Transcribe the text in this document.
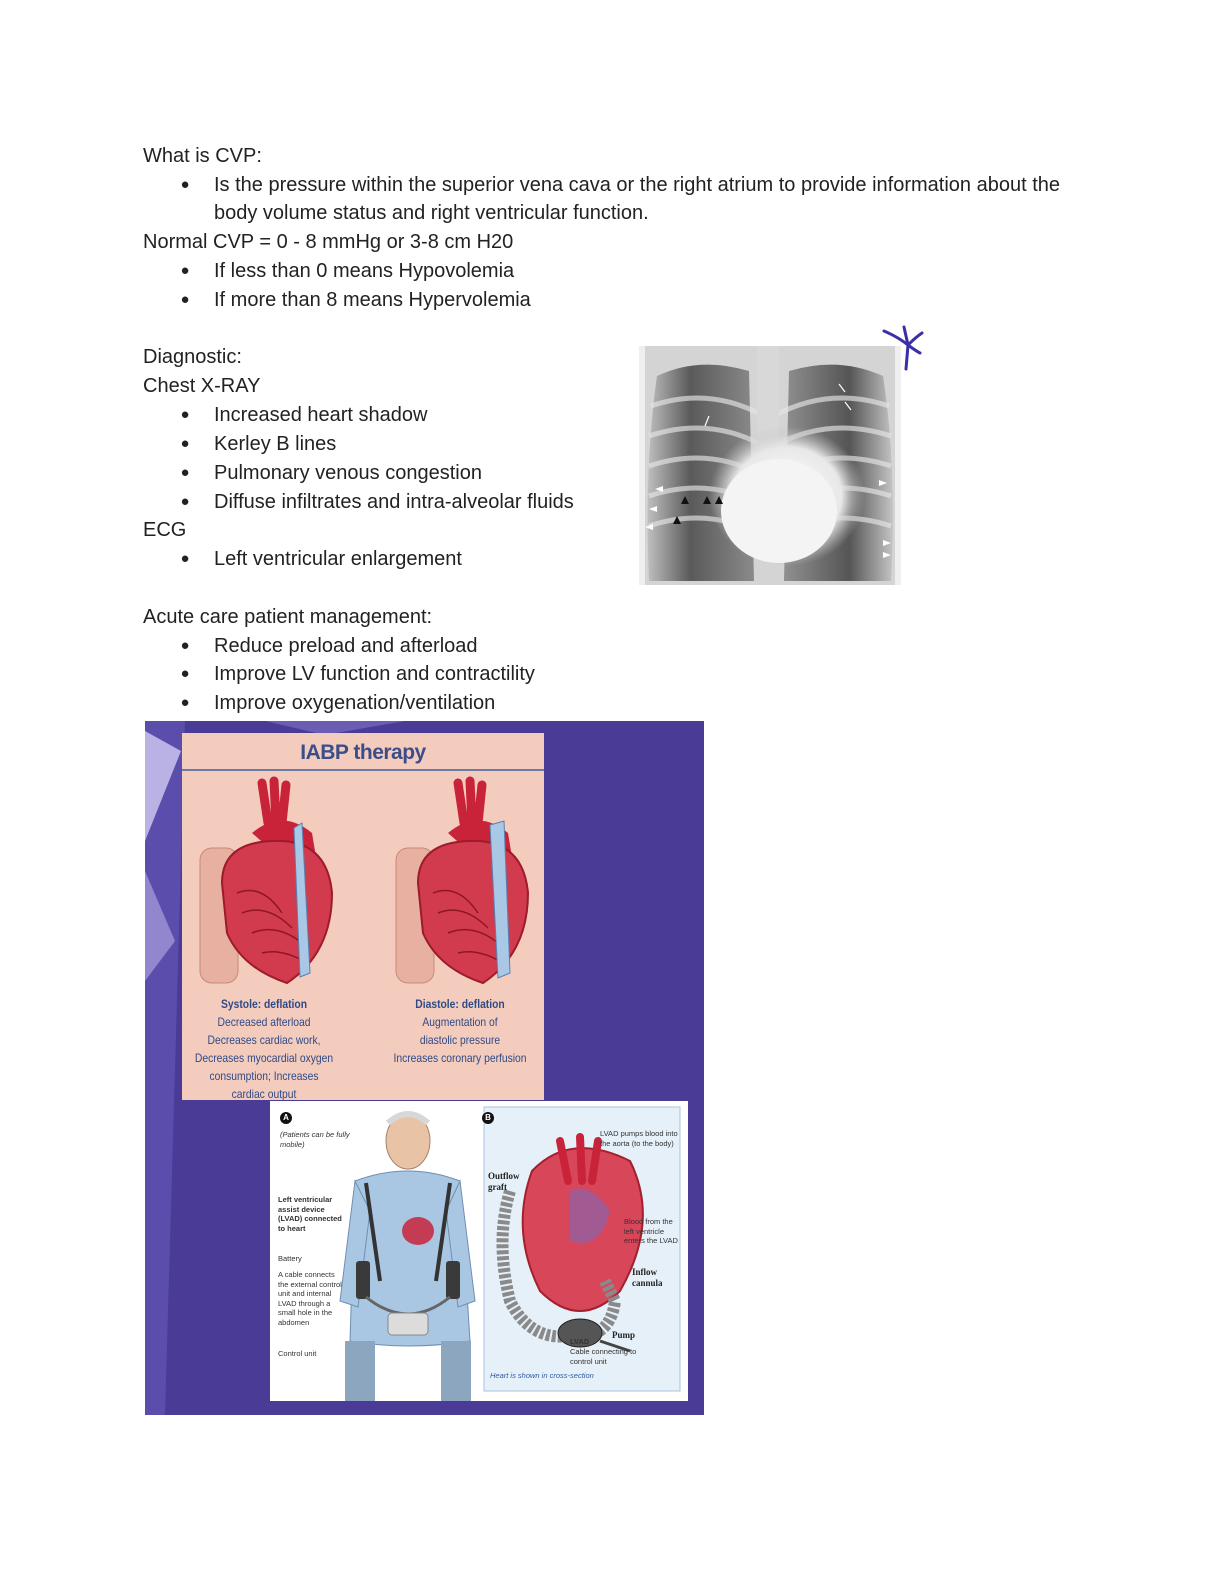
What is CVP:
● Is the pressure within the superior vena cava or the right atrium to provide information about the body volume status and right ventricular function.
Normal CVP = 0 - 8 mmHg or 3-8 cm H20
● If less than 0 means Hypovolemia
● If more than 8 means Hypervolemia
Diagnostic:
Chest X-RAY
● Increased heart shadow
● Kerley B lines
● Pulmonary venous congestion
● Diffuse infiltrates and intra-alveolar fluids
ECG
● Left ventricular enlargement
Acute care patient management:
● Reduce preload and afterload
● Improve LV function and contractility
● Improve oxygenation/ventilation
IABP therapy
Systole: deflation
Decreased afterload
Decreases cardiac work,
Decreases myocardial oxygen
consumption; Increases
cardiac output
Diastole: deflation
Augmentation of
diastolic pressure
Increases coronary perfusion
A	B
(Patients can be fully mobile)
Left ventricular assist device (LVAD) connected to heart
Battery
A cable connects the external control unit and internal LVAD through a small hole in the abdomen
Control unit
LVAD pumps blood into the aorta (to the body)
Outflow graft
Blood from the left ventricle enters the LVAD
Inflow cannula
Pump
LVAD
Cable connecting to control unit
Heart is shown in cross-section
